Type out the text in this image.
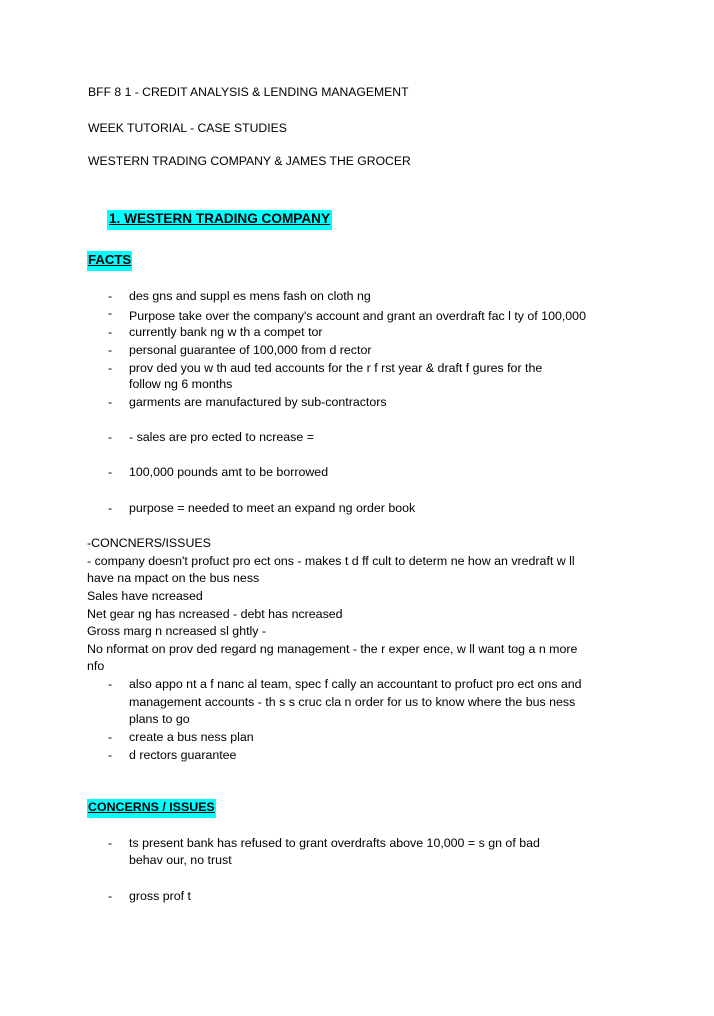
BFF 8 1 - CREDIT ANALYSIS & LENDING MANAGEMENT
WEEK TUTORIAL - CASE STUDIES
WESTERN TRADING COMPANY & JAMES THE GROCER
1. WESTERN TRADING COMPANY
FACTS
- des gns and suppl es mens fash on cloth ng
- Purpose take over the company's account and grant an overdraft fac l ty of 100,000
- currently bank ng w th a compet tor
- personal guarantee of 100,000 from d rector
- prov ded you w th aud ted accounts for the r f rst year & draft f gures for the
follow ng 6 months
- garments are manufactured by sub-contractors
- - sales are pro ected to ncrease =
- 100,000 pounds amt to be borrowed
- purpose = needed to meet an expand ng order book
-CONCNERS/ISSUES
- company doesn't profuct pro ect ons - makes t d ff cult to determ ne how an vredraft w ll
have na mpact on the bus ness
Sales have ncreased
Net gear ng has ncreased - debt has ncreased
Gross marg n ncreased sl ghtly -
No nformat on prov ded regard ng management - the r exper ence, w ll want tog a n more
nfo
- also appo nt a f nanc al team, spec f cally an accountant to profuct pro ect ons and
management accounts - th s s cruc cla n order for us to know where the bus ness
plans to go
- create a bus ness plan
- d rectors guarantee
CONCERNS / ISSUES
- ts present bank has refused to grant overdrafts above 10,000 = s gn of bad
behav our, no trust
- gross prof t
